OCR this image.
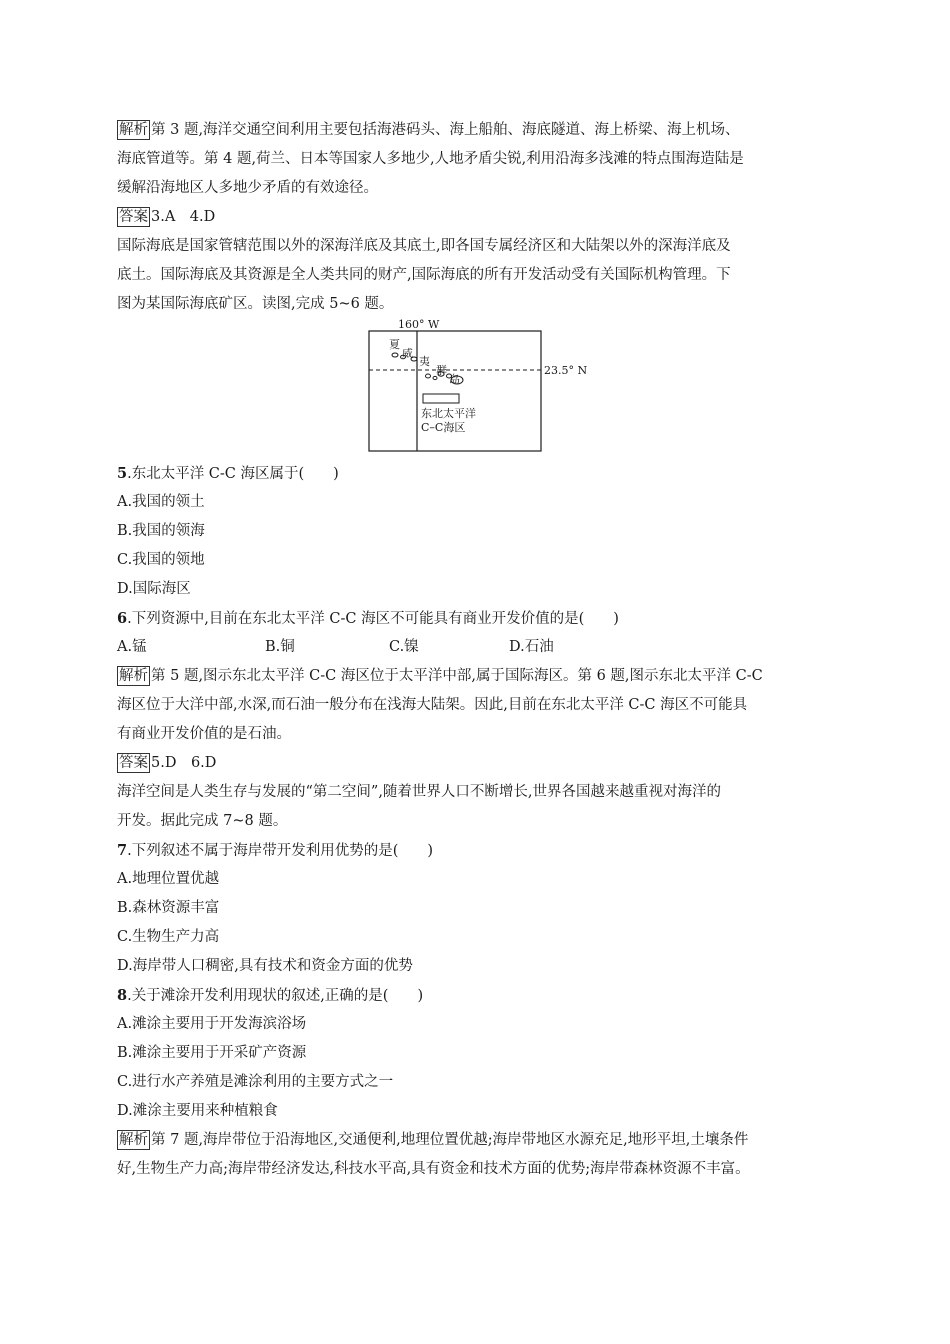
解析 第 3 题,海洋交通空间利用主要包括海港码头、海上船舶、海底隧道、海上桥梁、海上机场、
海底管道等。第 4 题,荷兰、日本等国家人多地少,人地矛盾尖锐,利用沿海多浅滩的特点围海造陆是
缓解沿海地区人多地少矛盾的有效途径。
答案 3.A　4.D
国际海底是国家管辖范围以外的深海洋底及其底土,即各国专属经济区和大陆架以外的深海洋底及
底土。国际海底及其资源是全人类共同的财产,国际海底的所有开发活动受有关国际机构管理。下
图为某国际海底矿区。读图,完成 5~6 题。
160° W
23.5° N
夏
威
夷
群
岛
东北太平洋
C–C海区
5.东北太平洋 C-C 海区属于(　　)
A.我国的领土
B.我国的领海
C.我国的领地
D.国际海区
6.下列资源中,目前在东北太平洋 C-C 海区不可能具有商业开发价值的是(　　)
A.锰	B.铜	C.镍	D.石油
解析 第 5 题,图示东北太平洋 C-C 海区位于太平洋中部,属于国际海区。第 6 题,图示东北太平洋 C-C
海区位于大洋中部,水深,而石油一般分布在浅海大陆架。因此,目前在东北太平洋 C-C 海区不可能具
有商业开发价值的是石油。
答案 5.D　6.D
海洋空间是人类生存与发展的“第二空间”,随着世界人口不断增长,世界各国越来越重视对海洋的
开发。据此完成 7~8 题。
7.下列叙述不属于海岸带开发利用优势的是(　　)
A.地理位置优越
B.森林资源丰富
C.生物生产力高
D.海岸带人口稠密,具有技术和资金方面的优势
8.关于滩涂开发利用现状的叙述,正确的是(　　)
A.滩涂主要用于开发海滨浴场
B.滩涂主要用于开采矿产资源
C.进行水产养殖是滩涂利用的主要方式之一
D.滩涂主要用来种植粮食
解析 第 7 题,海岸带位于沿海地区,交通便利,地理位置优越;海岸带地区水源充足,地形平坦,土壤条件
好,生物生产力高;海岸带经济发达,科技水平高,具有资金和技术方面的优势;海岸带森林资源不丰富。
